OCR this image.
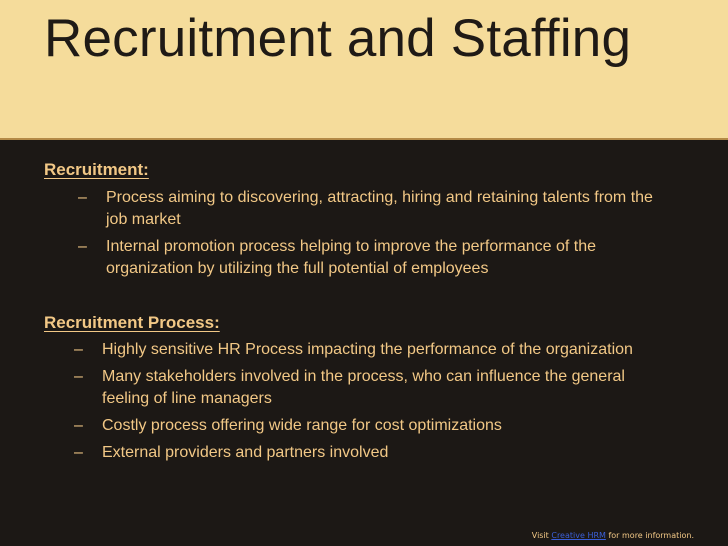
Recruitment and Staffing
Recruitment:
– Process aiming to discovering, attracting, hiring and retaining talents from the job market
– Internal promotion process helping to improve the performance of the organization by utilizing the full potential of employees
Recruitment Process:
– Highly sensitive HR Process impacting the performance of the organization
– Many stakeholders involved in the process, who can influence the general feeling of line managers
– Costly process offering wide range for cost optimizations
– External providers and partners involved
Visit Creative HRM for more information.
